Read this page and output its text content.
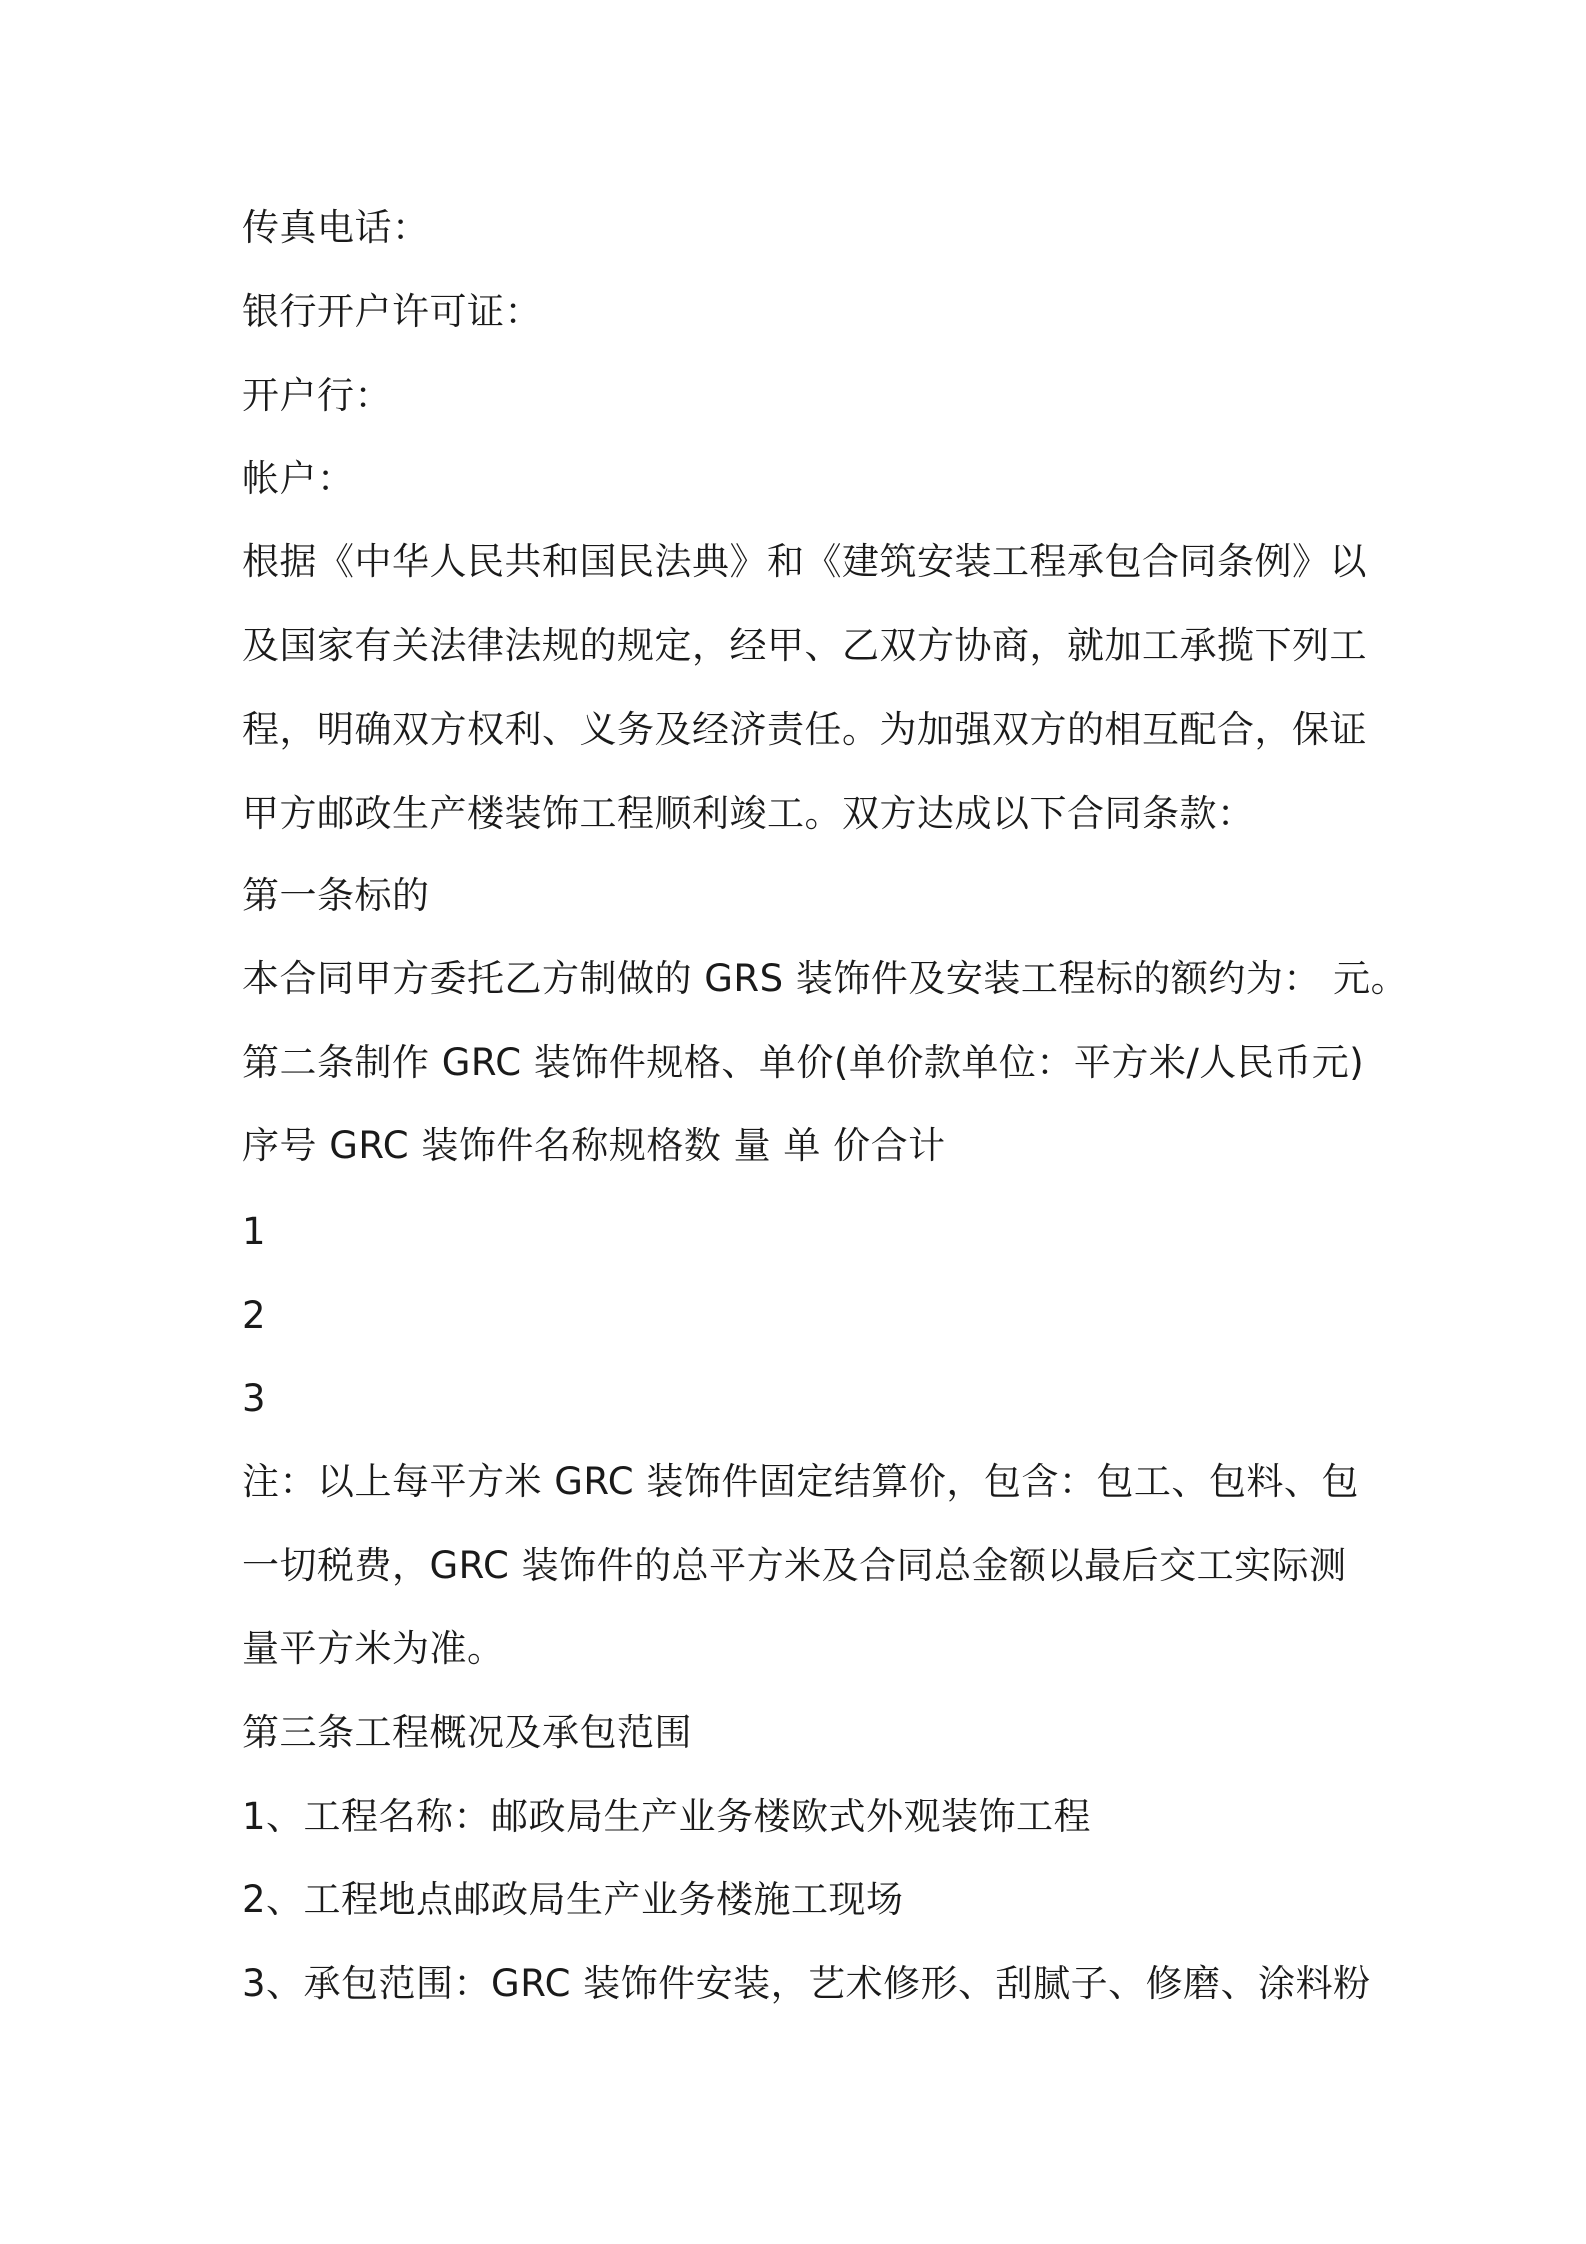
传真电话：
银行开户许可证：
开户行：
帐户：
根据《中华人民共和国民法典》和《建筑安装工程承包合同条例》以
及国家有关法律法规的规定，经甲、乙双方协商，就加工承揽下列工
程，明确双方权利、义务及经济责任。为加强双方的相互配合，保证
甲方邮政生产楼装饰工程顺利竣工。双方达成以下合同条款：
第一条标的
本合同甲方委托乙方制做的 GRS 装饰件及安装工程标的额约为： 元。
第二条制作 GRC 装饰件规格、单价(单价款单位：平方米/人民币元)
序号 GRC 装饰件名称规格数 量 单 价合计
1
2
3
注：以上每平方米 GRC 装饰件固定结算价，包含：包工、包料、包
一切税费，GRC 装饰件的总平方米及合同总金额以最后交工实际测
量平方米为准。
第三条工程概况及承包范围
1、工程名称：邮政局生产业务楼欧式外观装饰工程
2、工程地点邮政局生产业务楼施工现场
3、承包范围：GRC 装饰件安装，艺术修形、刮腻子、修磨、涂料粉
